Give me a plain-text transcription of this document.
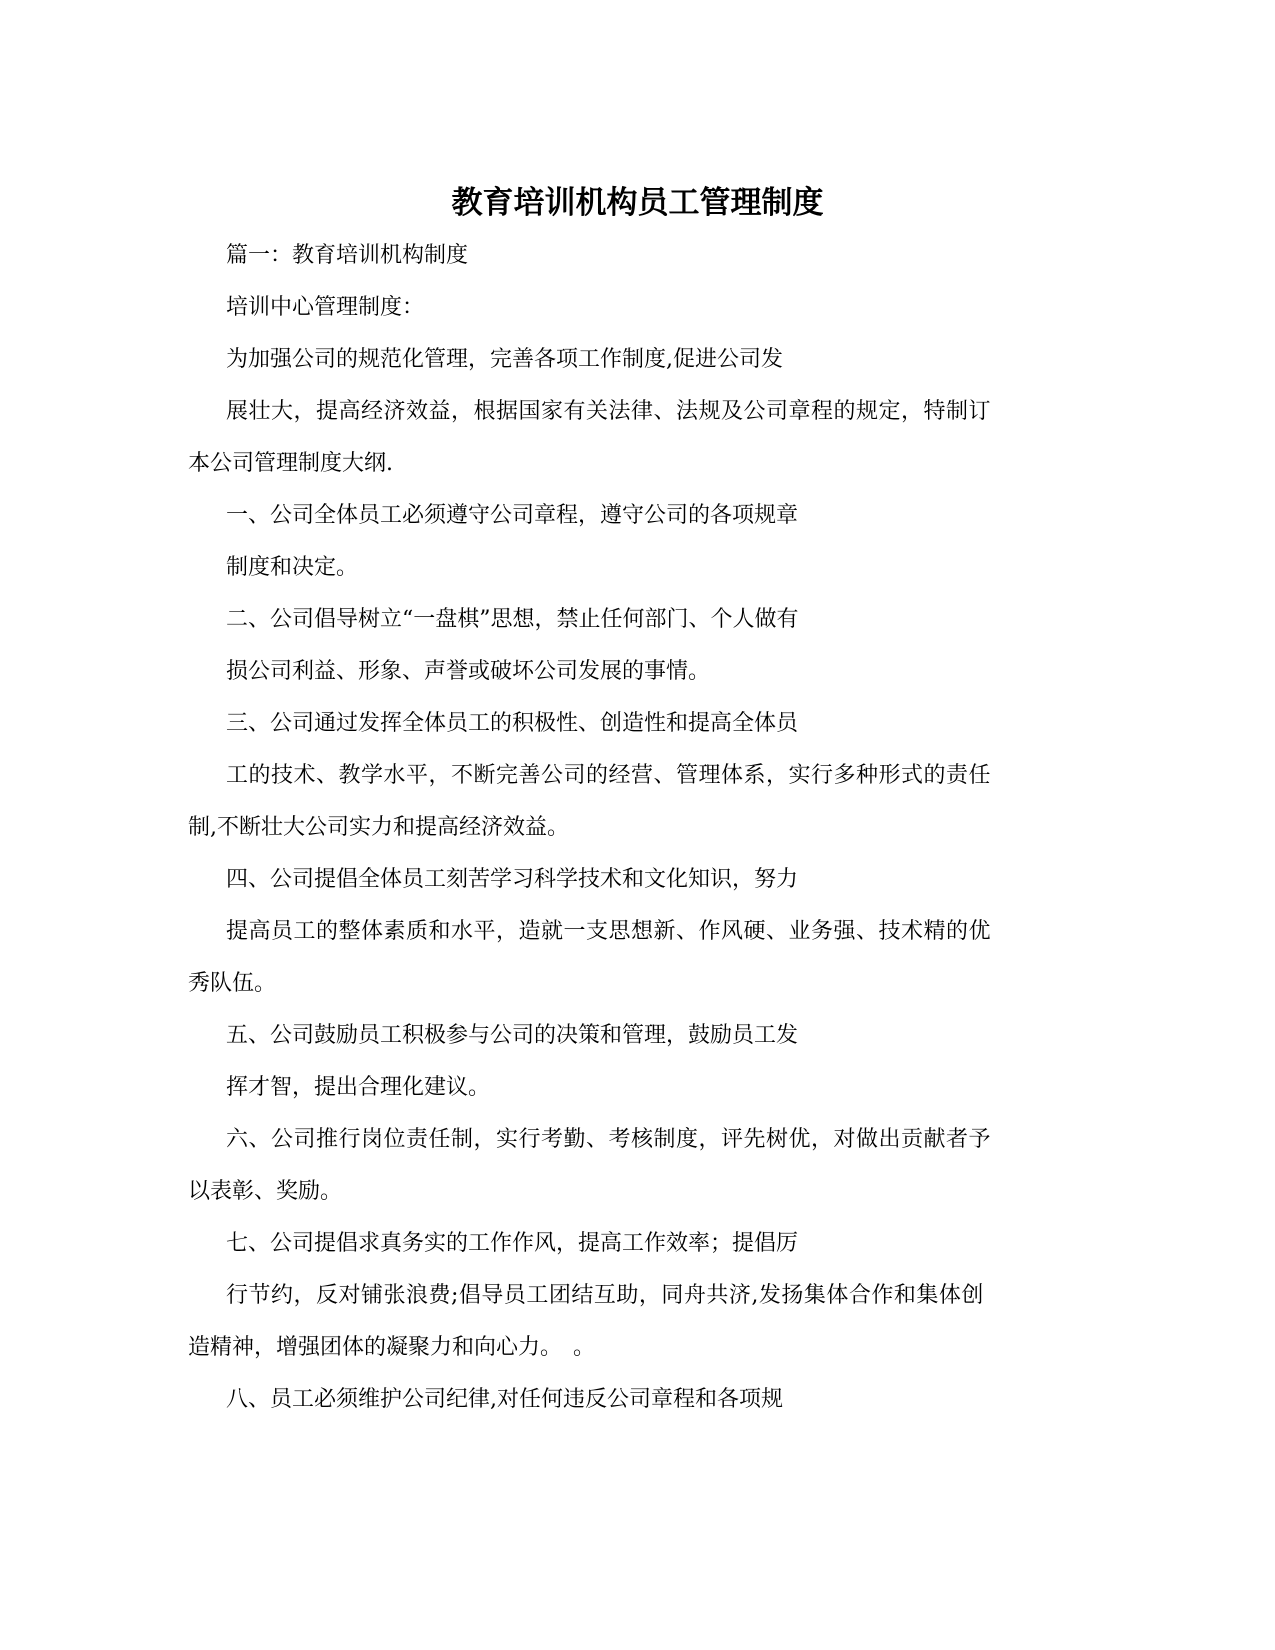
教育培训机构员工管理制度

篇一：教育培训机构制度

培训中心管理制度：

为加强公司的规范化管理，完善各项工作制度,促进公司发

展壮大，提高经济效益，根据国家有关法律、法规及公司章程的规定，特制订

本公司管理制度大纲.

一、公司全体员工必须遵守公司章程，遵守公司的各项规章

制度和决定。

二、公司倡导树立“一盘棋”思想，禁止任何部门、个人做有

损公司利益、形象、声誉或破坏公司发展的事情。

三、公司通过发挥全体员工的积极性、创造性和提高全体员

工的技术、教学水平，不断完善公司的经营、管理体系，实行多种形式的责任

制,不断壮大公司实力和提高经济效益。

四、公司提倡全体员工刻苦学习科学技术和文化知识，努力

提高员工的整体素质和水平，造就一支思想新、作风硬、业务强、技术精的优

秀队伍。

五、公司鼓励员工积极参与公司的决策和管理，鼓励员工发

挥才智，提出合理化建议。

六、公司推行岗位责任制，实行考勤、考核制度，评先树优，对做出贡献者予

以表彰、奖励。

七、公司提倡求真务实的工作作风，提高工作效率；提倡厉

行节约，反对铺张浪费;倡导员工团结互助，同舟共济,发扬集体合作和集体创

造精神，增强团体的凝聚力和向心力。　。

八、员工必须维护公司纪律,对任何违反公司章程和各项规
